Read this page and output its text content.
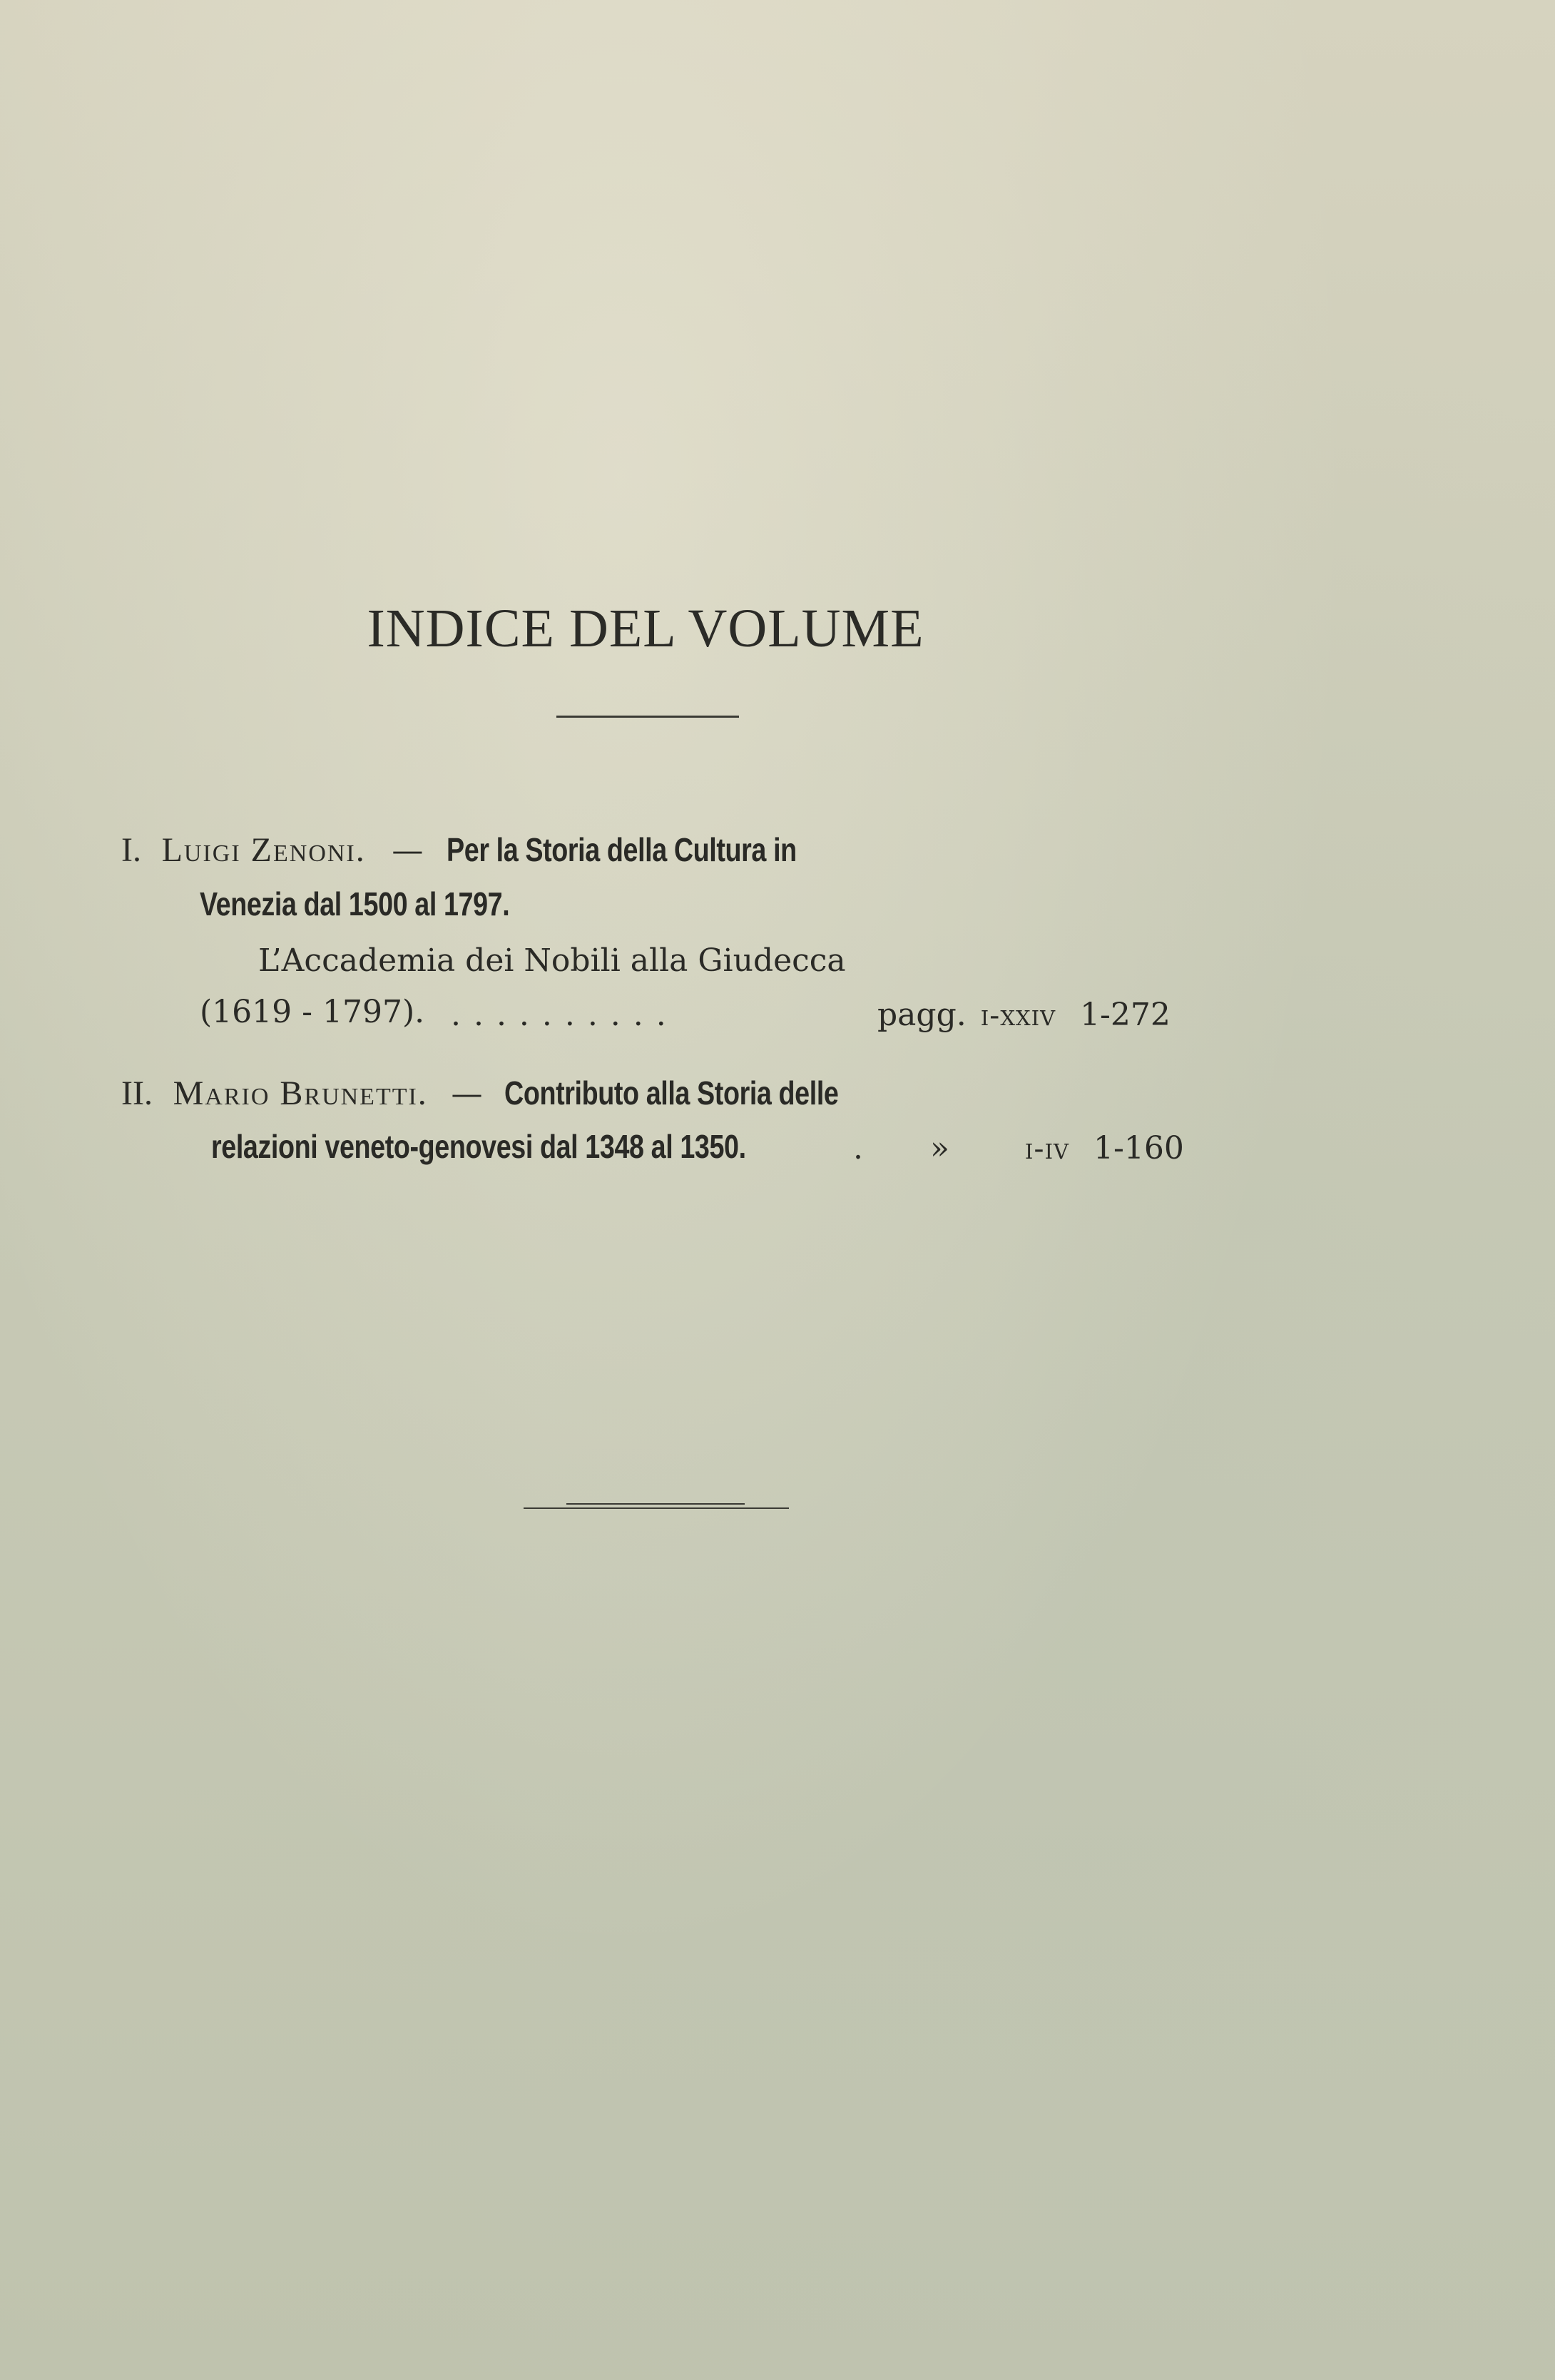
INDICE DEL VOLUME
I. Luigi Zenoni. — Per la Storia della Cultura in
Venezia dal 1500 al 1797.
L’Accademia dei Nobili alla Giudecca
(1619 - 1797). . . . . . . . . . .	pagg. i-xxiv 1-272
II. Mario Brunetti. — Contributo alla Storia delle
relazioni veneto-genovesi dal 1348 al 1350.	. »	i-iv 1-160
